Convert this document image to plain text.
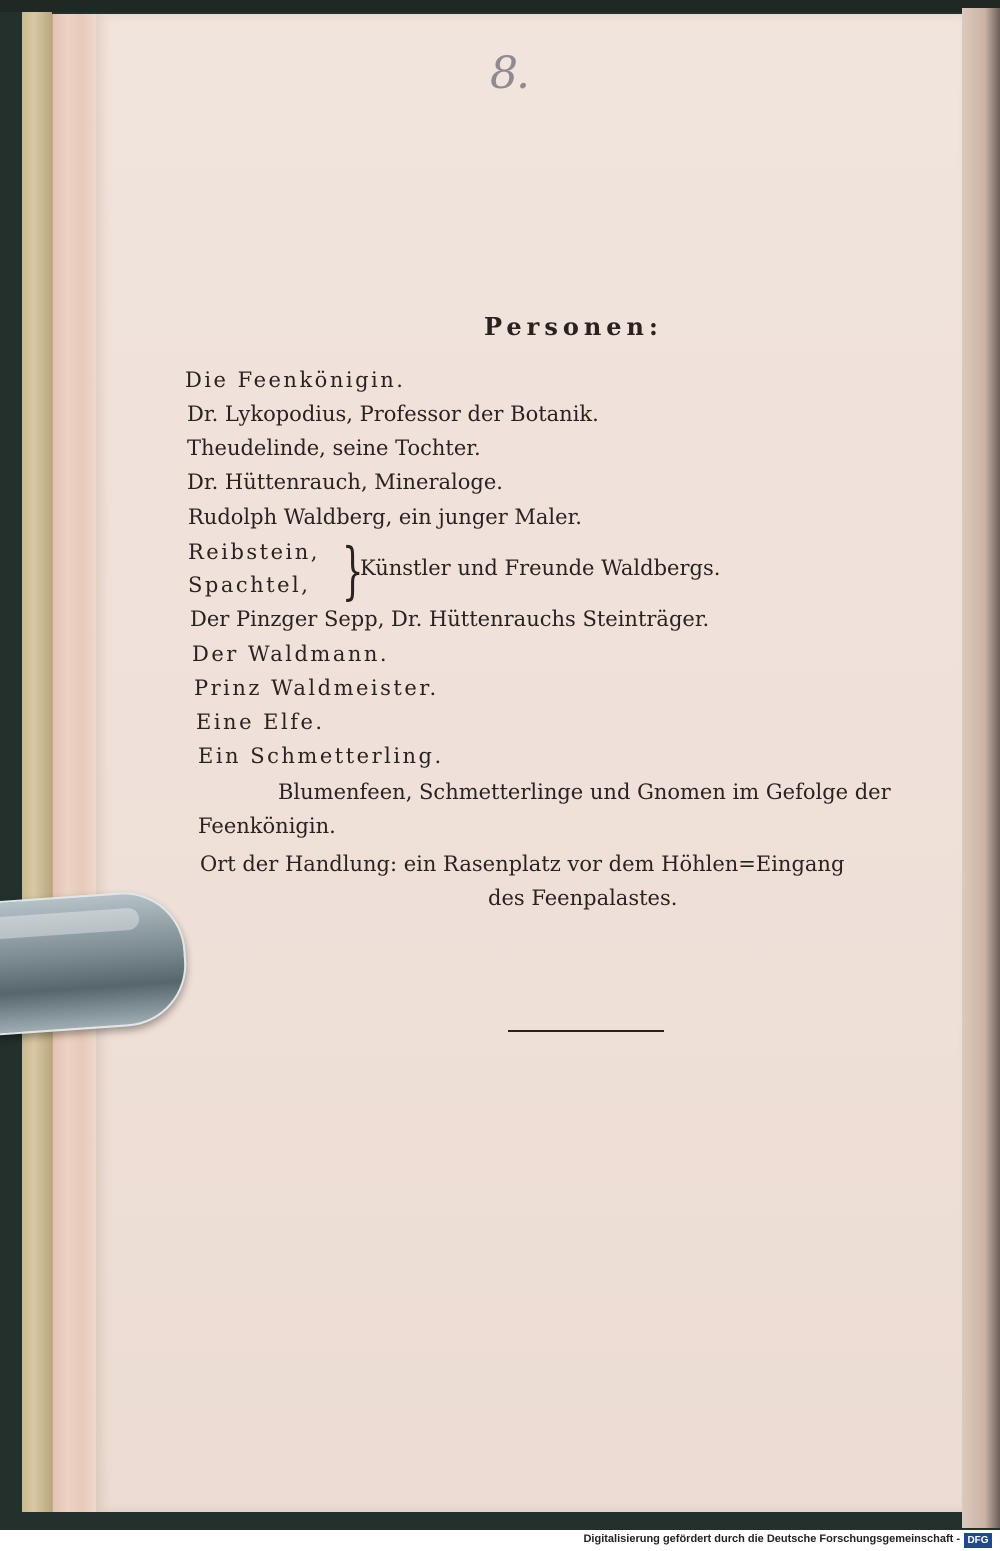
8.
Personen:
Die Feenkönigin.
Dr. Lykopodius, Professor der Botanik.
Theudelinde, seine Tochter.
Dr. Hüttenrauch, Mineraloge.
Rudolph Waldberg, ein junger Maler.
Reibstein,
Spachtel, }
Künstler und Freunde Waldbergs.
Der Pinzger Sepp, Dr. Hüttenrauchs Steinträger.
Der Waldmann.
Prinz Waldmeister.
Eine Elfe.
Ein Schmetterling.
Blumenfeen, Schmetterlinge und Gnomen im Gefolge der
Feenkönigin.
Ort der Handlung: ein Rasenplatz vor dem Höhlen=Eingang
des Feenpalastes.
Digitalisierung gefördert durch die Deutsche Forschungsgemeinschaft - DFG
